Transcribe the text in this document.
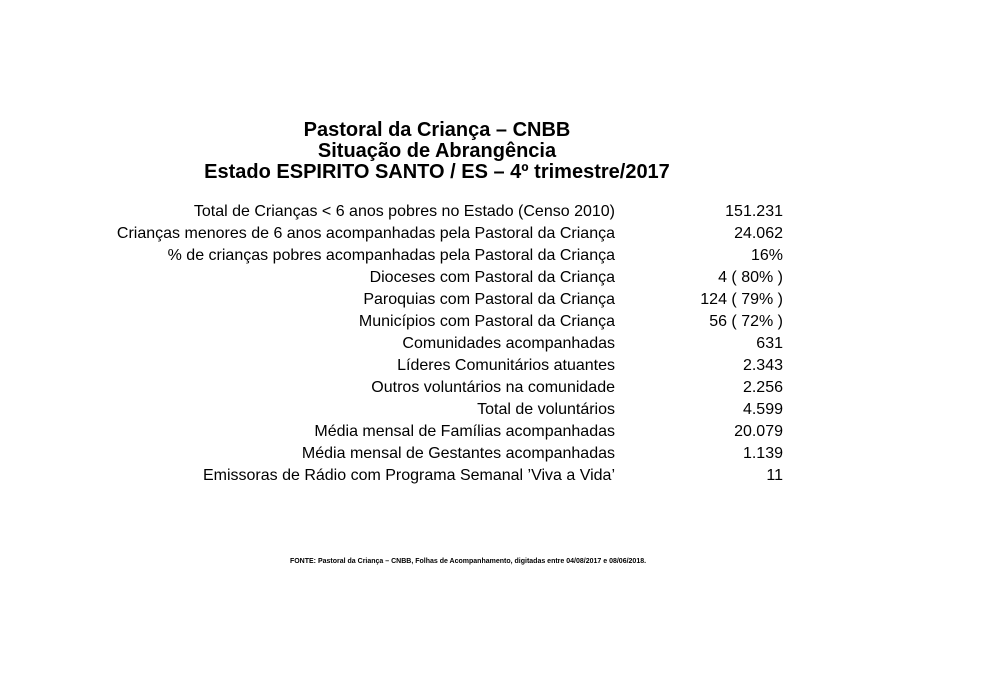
Pastoral da Criança – CNBB
Situação de Abrangência
Estado ESPIRITO SANTO / ES – 4º trimestre/2017
Total de Crianças < 6 anos pobres no Estado (Censo 2010)	151.231
Crianças menores de 6 anos acompanhadas pela Pastoral da Criança	24.062
% de crianças pobres acompanhadas pela Pastoral da Criança	16%
Dioceses com Pastoral da Criança	4 ( 80% )
Paroquias com Pastoral da Criança	124 ( 79% )
Municípios com Pastoral da Criança	56 ( 72% )
Comunidades acompanhadas	631
Líderes Comunitários atuantes	2.343
Outros voluntários na comunidade	2.256
Total de voluntários	4.599
Média mensal de Famílias acompanhadas	20.079
Média mensal de Gestantes acompanhadas	1.139
Emissoras de Rádio com Programa Semanal ’Viva a Vida’	11
FONTE: Pastoral da Criança – CNBB, Folhas de Acompanhamento, digitadas entre 04/08/2017 e 08/06/2018.
